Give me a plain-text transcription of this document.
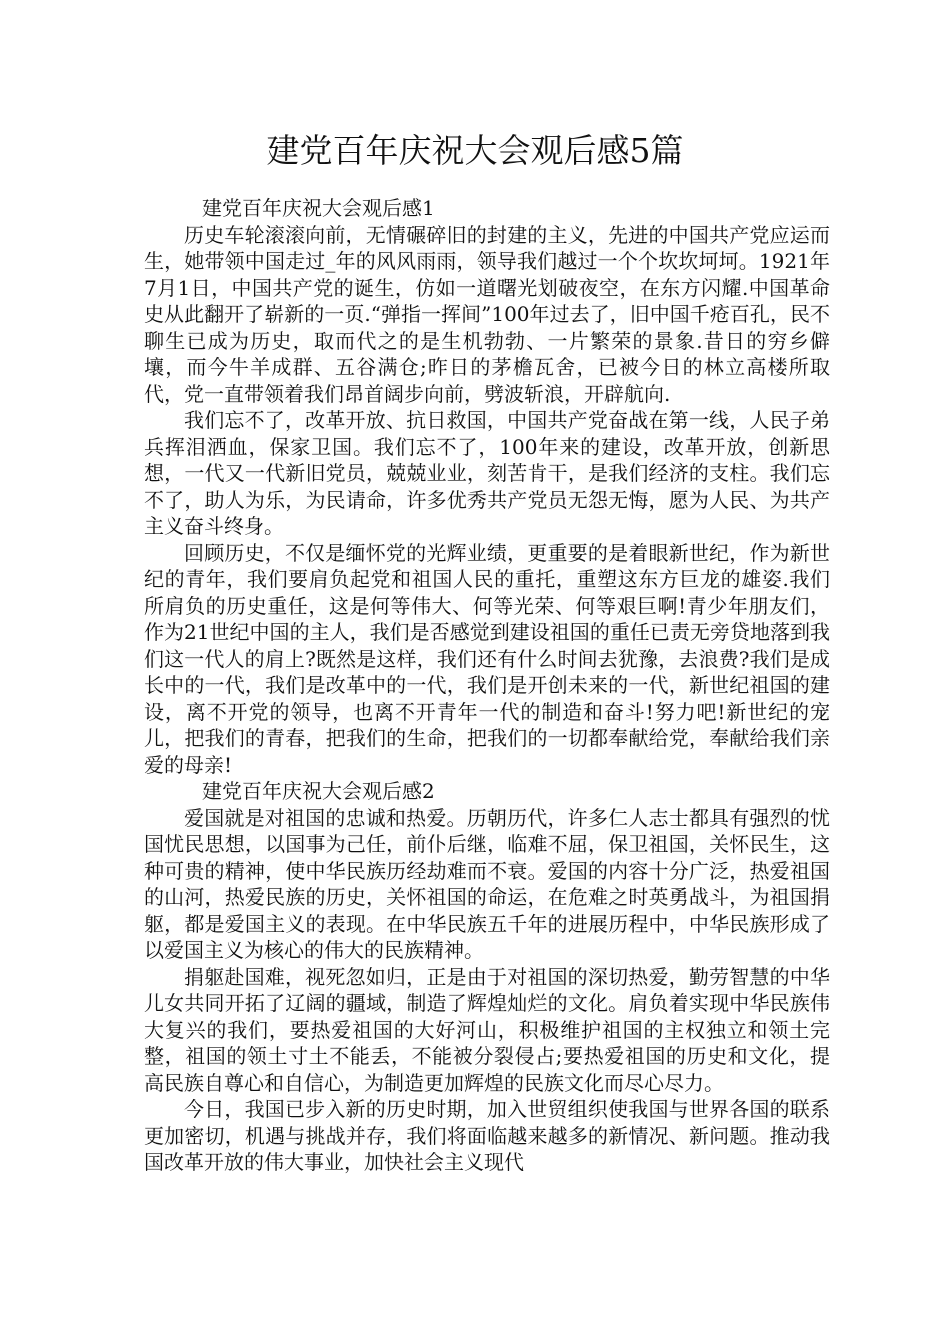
建党百年庆祝大会观后感5篇

建党百年庆祝大会观后感1

历史车轮滚滚向前，无情碾碎旧的封建的主义，先进的中国共产党应运而生，她带领中国走过_年的风风雨雨，领导我们越过一个个坎坎坷坷。1921年7月1日，中国共产党的诞生，仿如一道曙光划破夜空，在东方闪耀.中国革命史从此翻开了崭新的一页.“弹指一挥间”100年过去了，旧中国千疮百孔，民不聊生已成为历史，取而代之的是生机勃勃、一片繁荣的景象.昔日的穷乡僻壤，而今牛羊成群、五谷满仓;昨日的茅檐瓦舍，已被今日的林立高楼所取代，党一直带领着我们昂首阔步向前，劈波斩浪，开辟航向.

我们忘不了，改革开放、抗日救国，中国共产党奋战在第一线，人民子弟兵挥泪洒血，保家卫国。我们忘不了，100年来的建设，改革开放，创新思想，一代又一代新旧党员，兢兢业业，刻苦肯干，是我们经济的支柱。我们忘不了，助人为乐，为民请命，许多优秀共产党员无怨无悔，愿为人民、为共产主义奋斗终身。

回顾历史，不仅是缅怀党的光辉业绩，更重要的是着眼新世纪，作为新世纪的青年，我们要肩负起党和祖国人民的重托，重塑这东方巨龙的雄姿.我们所肩负的历史重任，这是何等伟大、何等光荣、何等艰巨啊!青少年朋友们，作为21世纪中国的主人，我们是否感觉到建设祖国的重任已责无旁贷地落到我们这一代人的肩上?既然是这样，我们还有什么时间去犹豫，去浪费?我们是成长中的一代，我们是改革中的一代，我们是开创未来的一代，新世纪祖国的建设，离不开党的领导，也离不开青年一代的制造和奋斗!努力吧!新世纪的宠儿，把我们的青春，把我们的生命，把我们的一切都奉献给党，奉献给我们亲爱的母亲!

建党百年庆祝大会观后感2

爱国就是对祖国的忠诚和热爱。历朝历代，许多仁人志士都具有强烈的忧国忧民思想，以国事为己任，前仆后继，临难不屈，保卫祖国，关怀民生，这种可贵的精神，使中华民族历经劫难而不衰。爱国的内容十分广泛，热爱祖国的山河，热爱民族的历史，关怀祖国的命运，在危难之时英勇战斗，为祖国捐躯，都是爱国主义的表现。在中华民族五千年的进展历程中，中华民族形成了以爱国主义为核心的伟大的民族精神。

捐躯赴国难，视死忽如归，正是由于对祖国的深切热爱，勤劳智慧的中华儿女共同开拓了辽阔的疆域，制造了辉煌灿烂的文化。肩负着实现中华民族伟大复兴的我们，要热爱祖国的大好河山，积极维护祖国的主权独立和领土完整，祖国的领土寸土不能丢，不能被分裂侵占;要热爱祖国的历史和文化，提高民族自尊心和自信心，为制造更加辉煌的民族文化而尽心尽力。

今日，我国已步入新的历史时期，加入世贸组织使我国与世界各国的联系更加密切，机遇与挑战并存，我们将面临越来越多的新情况、新问题。推动我国改革开放的伟大事业，加快社会主义现代
